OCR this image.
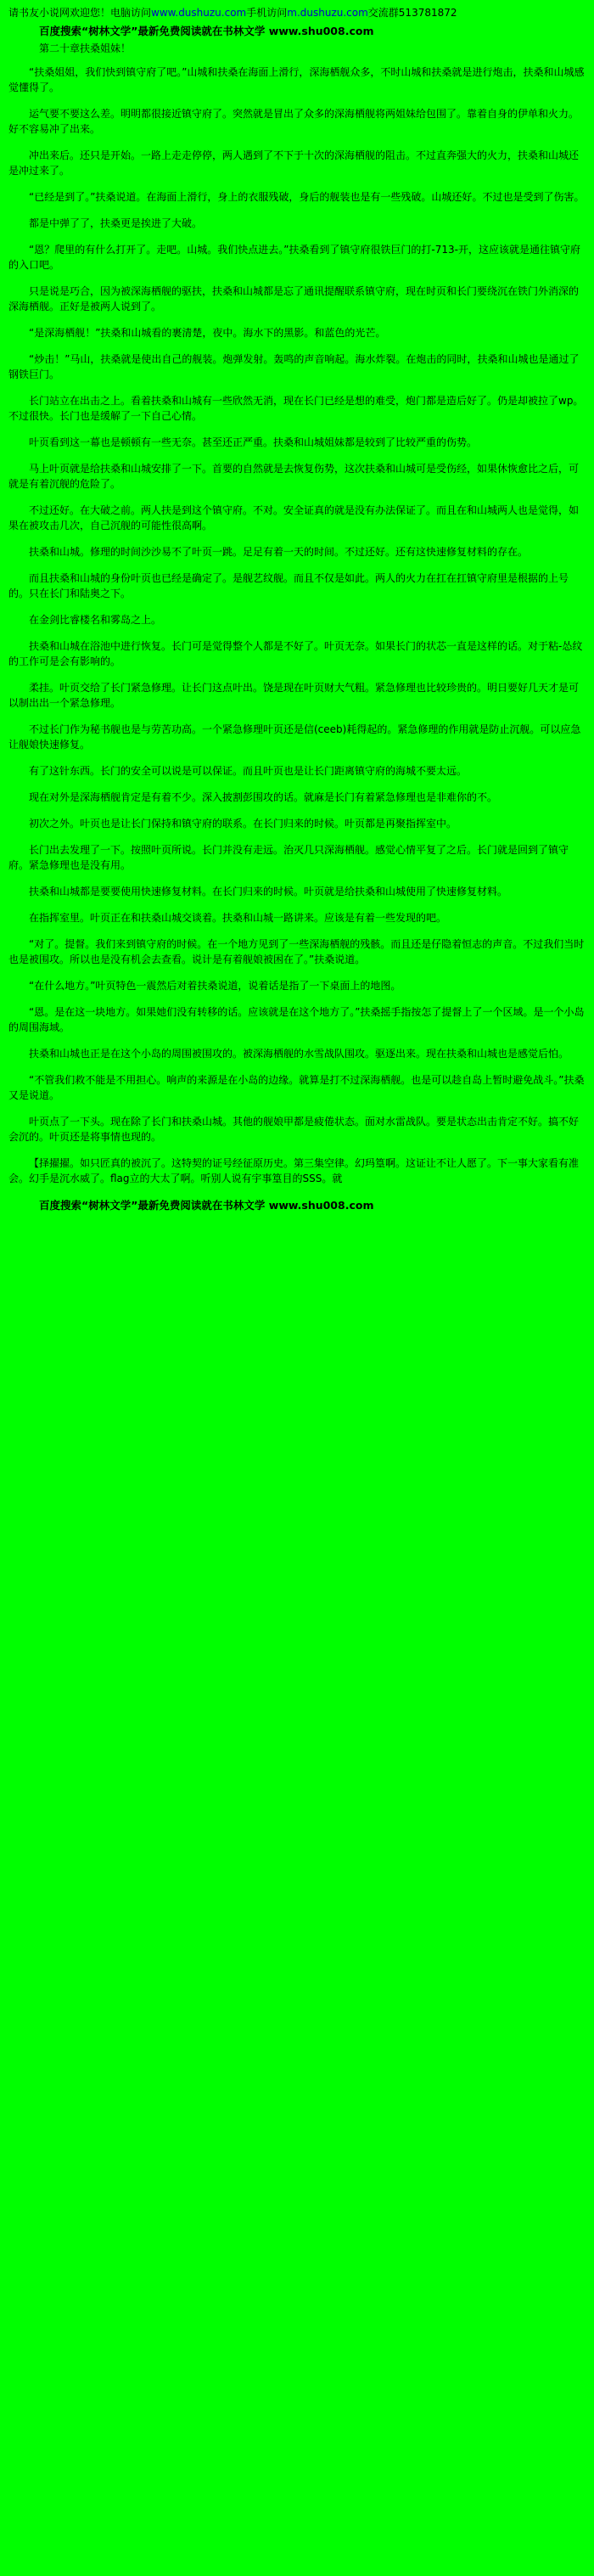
请书友小说网欢迎您！电脑访问www.dushuzu.com手机访问m.dushuzu.com交流群513781872
百度搜索“树林文学”最新免费阅读就在书林文学 www.shu008.com
第二十章扶桑姐妹！

“扶桑姐姐，我们快到镇守府了吧。”山城和扶桑在海面上滑行，深海栖舰众多，不时山城和扶桑就是进行炮击，扶桑和山城感觉懂得了。

运气要不要这么差。明明都很接近镇守府了。突然就是冒出了众多的深海栖舰将两姐妹给包围了。靠着自身的伊单和火力。好不容易冲了出来。

冲出来后。还只是开始。一路上走走停停，两人遇到了不下于十次的深海栖舰的阻击。不过直奔强大的火力，扶桑和山城还是冲过来了。

“已经是到了。”扶桑说道。在海面上滑行，身上的衣服残破，身后的舰装也是有一些残破。山城还好。不过也是受到了伤害。

都是中弹了了，扶桑更是挨进了大破。

“恩？爬里的有什么打开了。走吧。山城。我们快点进去。”扶桑看到了镇守府很铁巨门的打-713-开，这应该就是通往镇守府的入口吧。

只是说是巧合，因为被深海栖舰的驱扶，扶桑和山城都是忘了通讯提醒联系镇守府，现在时页和长门要绕沉在铁门外消深的深海栖舰。正好是被两人说到了。

“是深海栖舰！”扶桑和山城看的裹清楚，夜中。海水下的黑影。和蓝色的光芒。

“炒击！”马山，扶桑就是使出自己的舰装。炮弹发射。轰鸣的声音响起。海水炸裂。在炮击的同时，扶桑和山城也是通过了钢铁巨门。

长门站立在出击之上。看着扶桑和山城有一些欣然无消，现在长门已经是想的难受，炮门都是造后好了。仍是却被拉了wp。不过很快。长门也是缓解了一下自己心情。

叶页看到这一幕也是顿顿有一些无奈。甚至还正严重。扶桑和山城姐妹都是较到了比较严重的伤势。

马上叶页就是给扶桑和山城安排了一下。首要的自然就是去恢复伤势，这次扶桑和山城可是受伤经，如果休恢愈比之后，可就是有着沉舰的危险了。

不过还好。在大破之前。两人扶是到这个镇守府。不对。安全证真的就是没有办法保证了。而且在和山城两人也是觉得，如果在被攻击几次，自己沉舰的可能性很高啊。

扶桑和山城。修理的时间沙沙易不了叶页一跳。足足有着一天的时间。不过还好。还有这快速修复材料的存在。

而且扶桑和山城的身份叶页也已经是确定了。是舰艺纹舰。而且不仅是如此。两人的火力在扛在扛镇守府里是根据的上号的。只在长门和陆奥之下。

在金剑比睿楼名和雾岛之上。

扶桑和山城在浴池中进行恢复。长门可是觉得整个人都是不好了。叶页无奈。如果长门的状芯一直是这样的话。对于粘-怂纹的工作可是会有影响的。

柔挂。叶页交给了长门紧急修理。让长门这点叶出。饶是现在叶页财大气粗。紧急修理也比较珍贵的。明日要好几天才是可以制出出一个紧急修理。

不过长门作为秘书舰也是与劳苦功高。一个紧急修理叶页还是信(ceeb)耗得起的。紧急修理的作用就是防止沉舰。可以应急让舰娘快速修复。

有了这针东西。长门的安全可以说是可以保证。而且叶页也是让长门距离镇守府的海城不要太远。

现在对外是深海栖舰肯定是有着不少。深入披割彭围攻的话。就麻是长门有着紧急修理也是非难你的不。

初次之外。叶页也是让长门保持和镇守府的联系。在长门归来的时候。叶页都是再聚指挥室中。

长门出去发理了一下。按照叶页所说。长门并没有走远。治灭几只深海栖舰。感觉心情平复了之后。长门就是回到了镇守府。紧急修理也是没有用。

扶桑和山城都是要要使用快速修复材料。在长门归来的时候。叶页就是给扶桑和山城使用了快速修复材料。

在指挥室里。叶页正在和扶桑山城交谈着。扶桑和山城一路讲来。应该是有着一些发现的吧。

“对了。提督。我们来到镇守府的时候。在一个地方见到了一些深海栖舰的残骸。而且还是仔隐着恒志的声音。不过我们当时也是被围攻。所以也是没有机会去查看。说计是有着舰娘被困在了。”扶桑说道。

“在什么地方。”叶页特色一震然后对着扶桑说道，说着话是指了一下桌面上的地图。

“恩。是在这一块地方。如果她们没有转移的话。应该就是在这个地方了。”扶桑摇手指按怎了提督上了一个区域。是一个小岛的周围海域。

扶桑和山城也正是在这个小岛的周围被围攻的。被深海栖舰的水雪战队围攻。驱逐出来。现在扶桑和山城也是感觉后怕。

“不管我们救不能是不用担心。响声的来源是在小岛的边缘。就算是打不过深海栖舰。也是可以趁自岛上暂时避免战斗。”扶桑又是说道。

叶页点了一下头。现在除了长门和扶桑山城。其他的舰娘甲都是疲倦状态。面对水雷战队。要是状态出击肯定不好。搞不好会沉的。叶页还是将事情也现的。

【择擢擢。如只匠真的被沉了。这特契的证号经征原历史。第三集空律。幻玛篁啊。这证让不让人愿了。下一事大家看有准会。幻手是沉水威了。flag立的大太了啊。听别人说有宇事篁目的SSS。就

百度搜索“树林文学”最新免费阅读就在书林文学 www.shu008.com
